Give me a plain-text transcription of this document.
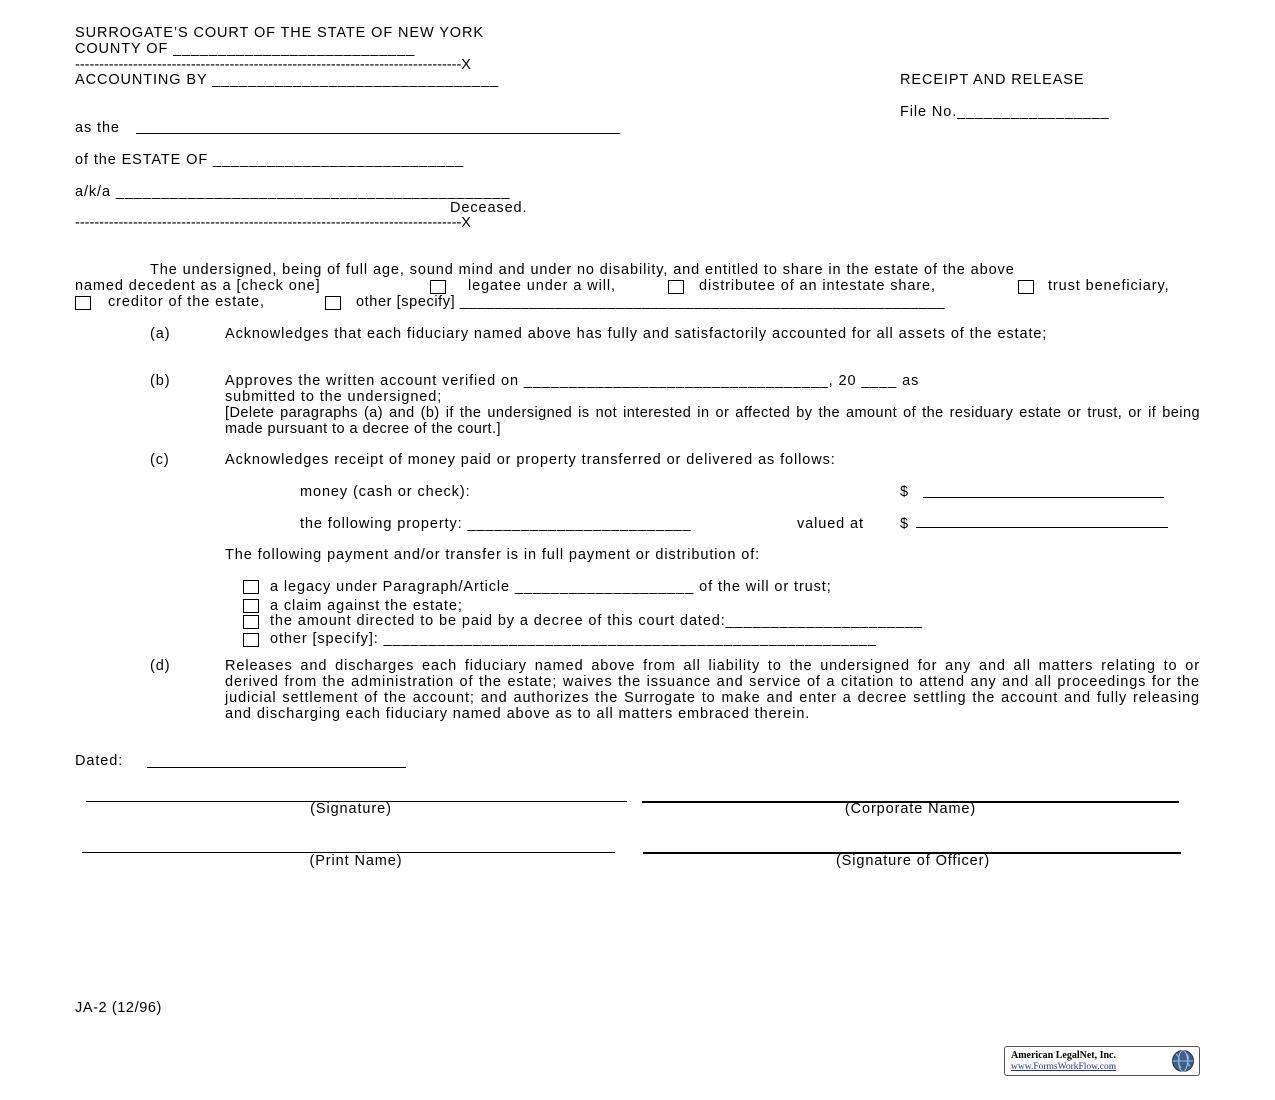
SURROGATE’S COURT OF THE STATE OF NEW YORK
COUNTY OF ___________________________
--------------------------------------------------------------------------------X
ACCOUNTING BY ________________________________
as the
of the ESTATE OF ____________________________
a/k/a ____________________________________________
Deceased.
--------------------------------------------------------------------------------X
RECEIPT AND RELEASE
File No._________________
The undersigned, being of full age, sound mind and under no disability, and entitled to share in the estate of the above
named decedent as a [check one]	legatee under a will,	distributee of an intestate share,	trust beneficiary,
creditor of the estate,	other [specify] ________________________________________________________
(a)	Acknowledges that each fiduciary named above has fully and satisfactorily accounted for all assets of the estate;
(b)	Approves the written account verified on __________________________________, 20 ____ as
submitted to the undersigned;
[Delete paragraphs (a) and (b) if the undersigned is not interested in or affected by the amount of the residuary estate or trust, or if being made pursuant to a decree of the court.]
(c)	Acknowledges receipt of money paid or property transferred or delivered as follows:
money (cash or check):	$
the following property: _________________________	valued at $
The following payment and/or transfer is in full payment or distribution of:
a legacy under Paragraph/Article ____________________ of the will or trust;
a claim against the estate;
the amount directed to be paid by a decree of this court dated:______________________
other [specify]: _______________________________________________________
(d)	Releases and discharges each fiduciary named above from all liability to the undersigned for any and all matters relating to or derived from the administration of the estate; waives the issuance and service of a citation to attend any and all proceedings for the judicial settlement of the account; and authorizes the Surrogate to make and enter a decree settling the account and fully releasing and discharging each fiduciary named above as to all matters embraced therein.
Dated:
(Signature)	(Corporate Name)
(Print Name)	(Signature of Officer)
JA-2 (12/96)
American LegalNet, Inc.
www.FormsWorkFlow.com
